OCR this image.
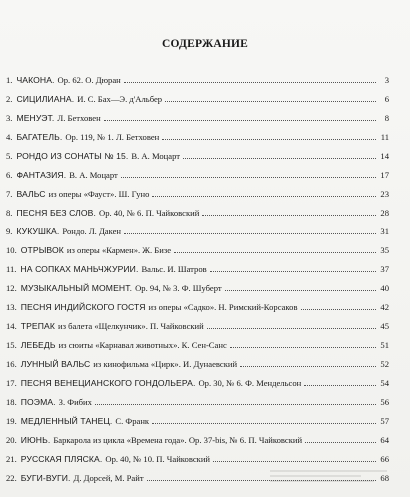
СОДЕРЖАНИЕ
1. ЧАКОНА. Ор. 62. О. Дюран	3
2. СИЦИЛИАНА. И. С. Бах—Э. д'Альбер	6
3. МЕНУЭТ. Л. Бетховен	8
4. БАГАТЕЛЬ. Ор. 119, № 1. Л. Бетховен	11
5. РОНДО ИЗ СОНАТЫ № 15. В. А. Моцарт	14
6. ФАНТАЗИЯ. В. А. Моцарт	17
7. ВАЛЬС из оперы «Фауст». Ш. Гуно	23
8. ПЕСНЯ БЕЗ СЛОВ. Ор. 40, № 6. П. Чайковский	28
9. КУКУШКА. Рондо. Л. Дакен	31
10. ОТРЫВОК из оперы «Кармен». Ж. Бизе	35
11. НА СОПКАХ МАНЬЧЖУРИИ. Вальс. И. Шатров	37
12. МУЗЫКАЛЬНЫЙ МОМЕНТ. Ор. 94, № 3. Ф. Шуберт	40
13. ПЕСНЯ ИНДИЙСКОГО ГОСТЯ из оперы «Садко». Н. Римский-Корсаков	42
14. ТРЕПАК из балета «Щелкунчик». П. Чайковский	45
15. ЛЕБЕДЬ из сюиты «Карнавал животных». К. Сен-Санс	51
16. ЛУННЫЙ ВАЛЬС из кинофильма «Цирк». И. Дунаевский	52
17. ПЕСНЯ ВЕНЕЦИАНСКОГО ГОНДОЛЬЕРА. Ор. 30, № 6. Ф. Мендельсон	54
18. ПОЭМА. З. Фибих	56
19. МЕДЛЕННЫЙ ТАНЕЦ. С. Франк	57
20. ИЮНЬ. Баркарола из цикла «Времена года». Ор. 37-bis, № 6. П. Чайковский	64
21. РУССКАЯ ПЛЯСКА. Ор. 40, № 10. П. Чайковский	66
22. БУГИ-ВУГИ. Д. Дорсей, М. Райт	68
